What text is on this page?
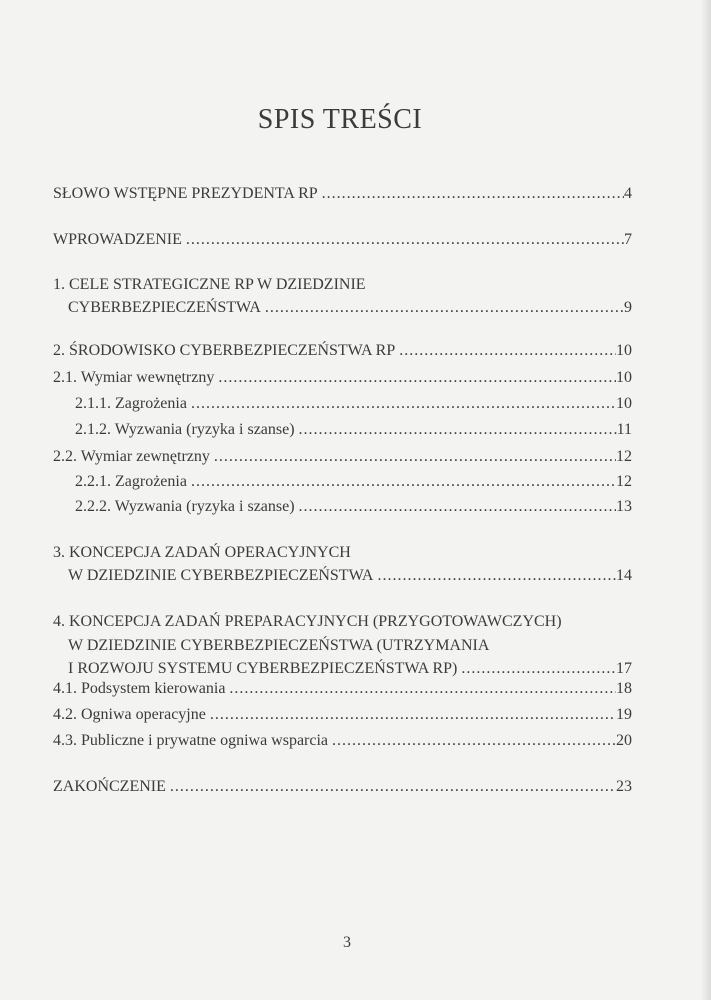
SPIS TREŚCI
SŁOWO WSTĘPNE PREZYDENTA RP .....	4
WPROWADZENIE .....	7
1. CELE STRATEGICZNE RP W DZIEDZINIE
CYBERBEZPIECZEŃSTWA .....	9
2. ŚRODOWISKO CYBERBEZPIECZEŃSTWA RP .....	10
2.1. Wymiar wewnętrzny .....	10
2.1.1. Zagrożenia .....	10
2.1.2. Wyzwania (ryzyka i szanse) .....	11
2.2. Wymiar zewnętrzny .....	12
2.2.1. Zagrożenia .....	12
2.2.2. Wyzwania (ryzyka i szanse) .....	13
3. KONCEPCJA ZADAŃ OPERACYJNYCH
W DZIEDZINIE CYBERBEZPIECZEŃSTWA .....	14
4. KONCEPCJA ZADAŃ PREPARACYJNYCH (PRZYGOTOWAWCZYCH)
W DZIEDZINIE CYBERBEZPIECZEŃSTWA (UTRZYMANIA
I ROZWOJU SYSTEMU CYBERBEZPIECZEŃSTWA RP) .....	17
4.1. Podsystem kierowania .....	18
4.2. Ogniwa operacyjne .....	19
4.3. Publiczne i prywatne ogniwa wsparcia .....	20
ZAKOŃCZENIE .....	23
3
